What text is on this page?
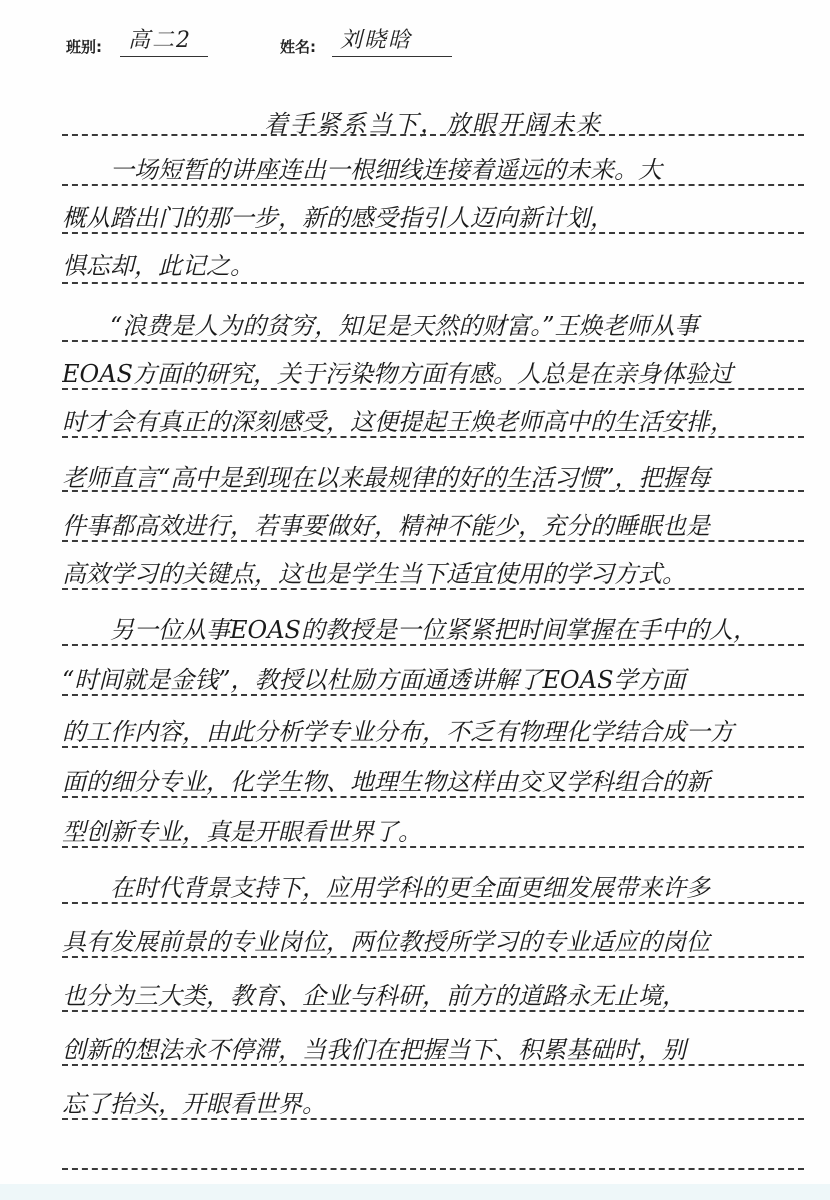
班别:	高二2	姓名:	刘晓晗
着手紧系当下，放眼开阔未来
　　一场短暂的讲座连出一根细线连接着遥远的未来。大
概从踏出门的那一步，新的感受指引人迈向新计划，
惧忘却，此记之。
　　“浪费是人为的贫穷，知足是天然的财富。”王焕老师从事
EOAS方面的研究，关于污染物方面有感。人总是在亲身体验过
时才会有真正的深刻感受，这便提起王焕老师高中的生活安排，
老师直言“高中是到现在以来最规律的好的生活习惯”，把握每
件事都高效进行，若事要做好，精神不能少，充分的睡眠也是
高效学习的关键点，这也是学生当下适宜使用的学习方式。
　　另一位从事EOAS的教授是一位紧紧把时间掌握在手中的人，
“时间就是金钱”，教授以杜励方面通透讲解了EOAS学方面
的工作内容，由此分析学专业分布，不乏有物理化学结合成一方
面的细分专业，化学生物、地理生物这样由交叉学科组合的新
型创新专业，真是开眼看世界了。
　　在时代背景支持下，应用学科的更全面更细发展带来许多
具有发展前景的专业岗位，两位教授所学习的专业适应的岗位
也分为三大类，教育、企业与科研，前方的道路永无止境，
创新的想法永不停滞，当我们在把握当下、积累基础时，别
忘了抬头，开眼看世界。
